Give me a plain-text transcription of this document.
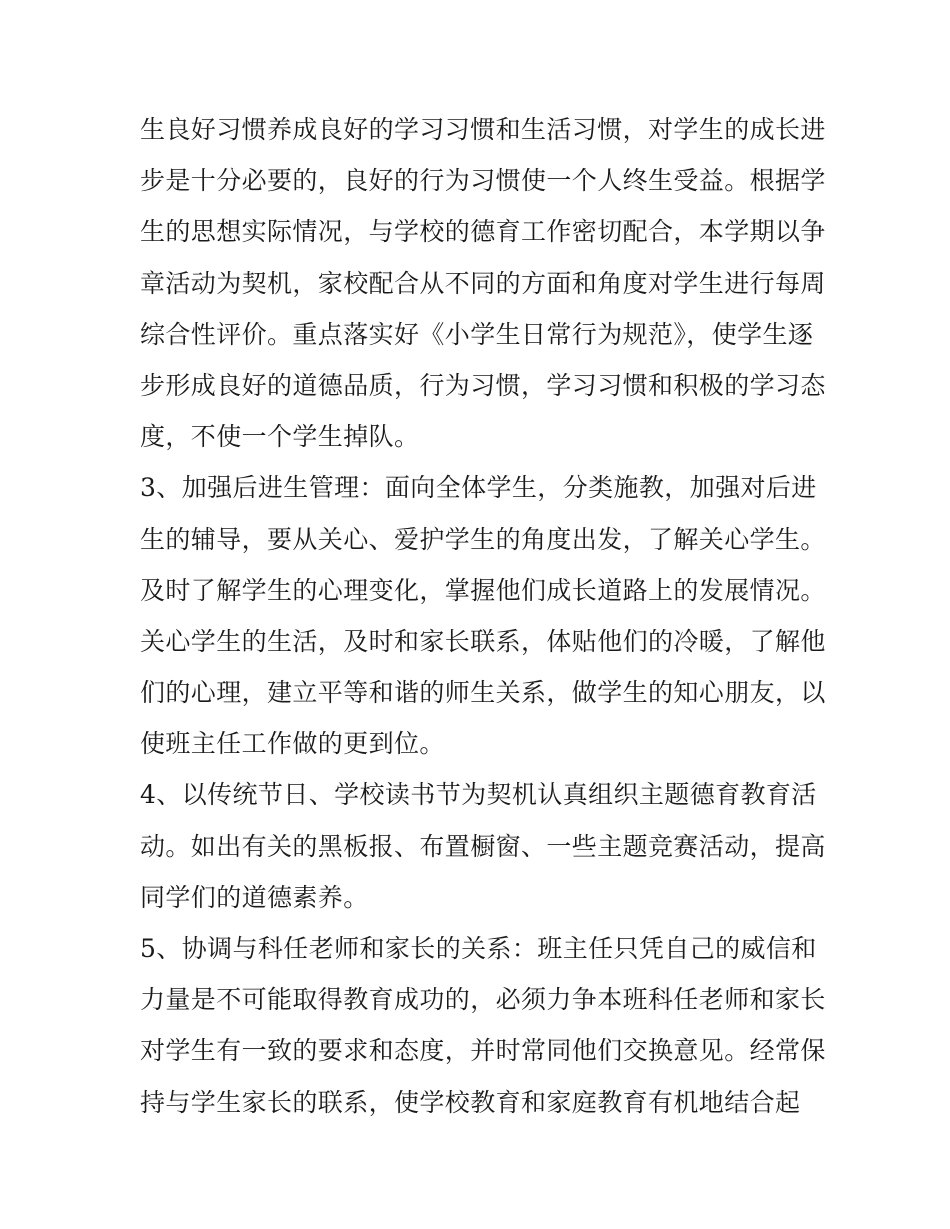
生良好习惯养成良好的学习习惯和生活习惯，对学生的成长进
步是十分必要的，良好的行为习惯使一个人终生受益。根据学
生的思想实际情况，与学校的德育工作密切配合，本学期以争
章活动为契机，家校配合从不同的方面和角度对学生进行每周
综合性评价。重点落实好《小学生日常行为规范》，使学生逐
步形成良好的道德品质，行为习惯，学习习惯和积极的学习态
度，不使一个学生掉队。
3、加强后进生管理：面向全体学生，分类施教，加强对后进
生的辅导，要从关心、爱护学生的角度出发，了解关心学生。
及时了解学生的心理变化，掌握他们成长道路上的发展情况。
关心学生的生活，及时和家长联系，体贴他们的冷暖，了解他
们的心理，建立平等和谐的师生关系，做学生的知心朋友，以
使班主任工作做的更到位。
4、以传统节日、学校读书节为契机认真组织主题德育教育活
动。如出有关的黑板报、布置橱窗、一些主题竞赛活动，提高
同学们的道德素养。
5、协调与科任老师和家长的关系：班主任只凭自己的威信和
力量是不可能取得教育成功的，必须力争本班科任老师和家长
对学生有一致的要求和态度，并时常同他们交换意见。经常保
持与学生家长的联系，使学校教育和家庭教育有机地结合起
